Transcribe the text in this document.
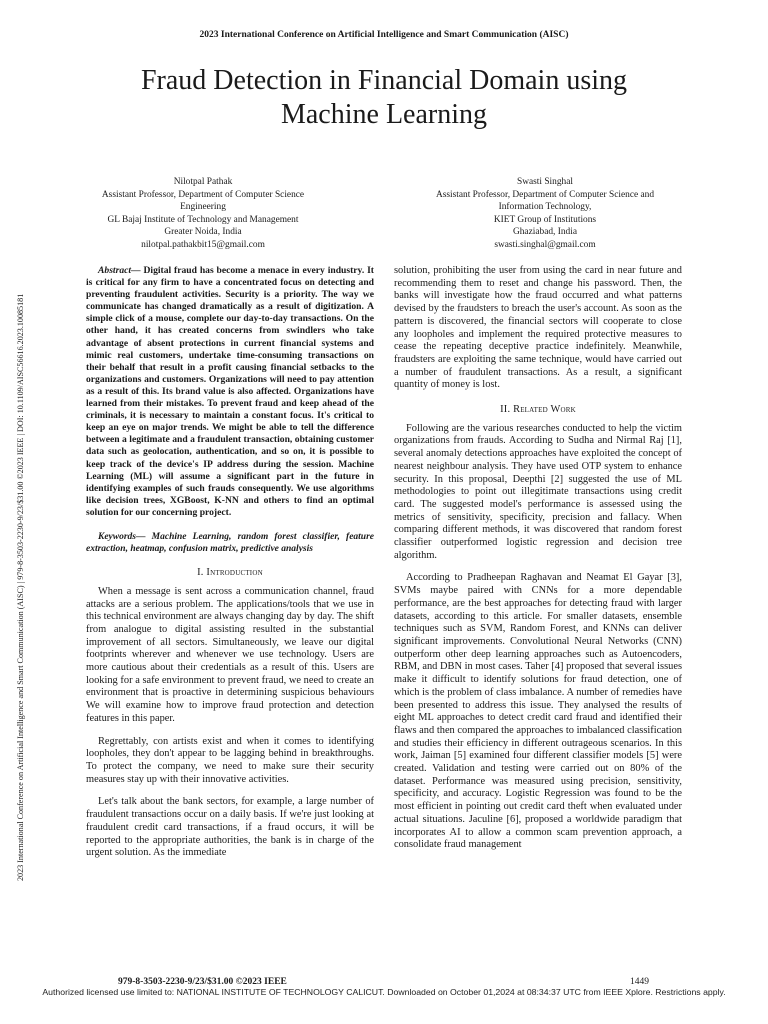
2023 International Conference on Artificial Intelligence and Smart Communication (AISC)
Fraud Detection in Financial Domain using
Machine Learning
Nilotpal Pathak
Assistant Professor, Department of Computer Science
Engineering
GL Bajaj Institute of Technology and Management
Greater Noida, India
nilotpal.pathakbit15@gmail.com
Swasti Singhal
Assistant Professor, Department of Computer Science and
Information Technology,
KIET Group of Institutions
Ghaziabad, India
swasti.singhal@gmail.com
2023 International Conference on Artificial Intelligence and Smart Communication (AISC) | 979-8-3503-2230-9/23/$31.00 ©2023 IEEE | DOI: 10.1109/AISC56616.2023.10085181

Abstract— Digital fraud has become a menace in every industry. It is critical for any firm to have a concentrated focus on detecting and preventing fraudulent activities. Security is a priority. The way we communicate has changed dramatically as a result of digitization. A simple click of a mouse, complete our day-to-day transactions. On the other hand, it has created concerns from swindlers who take advantage of absent protections in current financial systems and mimic real customers, undertake time-consuming transactions on their behalf that result in a profit causing financial setbacks to the organizations and customers. Organizations will need to pay attention as a result of this. Its brand value is also affected. Organizations have learned from their mistakes. To prevent fraud and keep ahead of the criminals, it is necessary to maintain a constant focus. It's critical to keep an eye on major trends. We might be able to tell the difference between a legitimate and a fraudulent transaction, obtaining customer data such as geolocation, authentication, and so on, it is possible to keep track of the device's IP address during the session. Machine Learning (ML) will assume a significant part in the future in identifying examples of such frauds consequently. We use algorithms like decision trees, XGBoost, K-NN and others to find an optimal solution for our concerning project.

Keywords— Machine Learning, random forest classifier, feature extraction, heatmap, confusion matrix, predictive analysis

I. Introduction

When a message is sent across a communication channel, fraud attacks are a serious problem. The applications/tools that we use in this technical environment are always changing day by day. The shift from analogue to digital assisting resulted in the substantial improvement of all sectors. Simultaneously, we leave our digital footprints wherever and whenever we use technology. Users are more cautious about their credentials as a result of this. Users are looking for a safe environment to prevent fraud, we need to create an environment that is proactive in determining suspicious behaviours We will examine how to improve fraud protection and detection features in this paper.

Regrettably, con artists exist and when it comes to identifying loopholes, they don't appear to be lagging behind in breakthroughs. To protect the company, we need to make sure their security measures stay up with their innovative activities.

Let's talk about the bank sectors, for example, a large number of fraudulent transactions occur on a daily basis. If we're just looking at fraudulent credit card transactions, if a fraud occurs, it will be reported to the appropriate authorities, the bank is in charge of the urgent solution. As the immediate

solution, prohibiting the user from using the card in near future and recommending them to reset and change his password. Then, the banks will investigate how the fraud occurred and what patterns devised by the fraudsters to breach the user's account. As soon as the pattern is discovered, the financial sectors will cooperate to close any loopholes and implement the required protective measures to cease the repeating deceptive practice indefinitely. Meanwhile, fraudsters are exploiting the same technique, would have carried out a number of fraudulent transactions. As a result, a significant quantity of money is lost.

II. Related Work

Following are the various researches conducted to help the victim organizations from frauds. According to Sudha and Nirmal Raj [1], several anomaly detections approaches have exploited the concept of nearest neighbour analysis. They have used OTP system to enhance security. In this proposal, Deepthi [2] suggested the use of ML methodologies to point out illegitimate transactions using credit card. The suggested model's performance is assessed using the metrics of sensitivity, specificity, precision and fallacy. When comparing different methods, it was discovered that random forest classifier outperformed logistic regression and decision tree algorithm.

According to Pradheepan Raghavan and Neamat El Gayar [3], SVMs maybe paired with CNNs for a more dependable performance, are the best approaches for detecting fraud with larger datasets, according to this article. For smaller datasets, ensemble techniques such as SVM, Random Forest, and KNNs can deliver significant improvements. Convolutional Neural Networks (CNN) outperform other deep learning approaches such as Autoencoders, RBM, and DBN in most cases. Taher [4] proposed that several issues make it difficult to identify solutions for fraud detection, one of which is the problem of class imbalance. A number of remedies have been presented to address this issue. They analysed the results of eight ML approaches to detect credit card fraud and identified their flaws and then compared the approaches to imbalanced classification and studies their efficiency in different outrageous scenarios. In this work, Jaiman [5] examined four different classifier models [5] were created. Validation and testing were carried out on 80% of the dataset. Performance was measured using precision, sensitivity, specificity, and accuracy. Logistic Regression was found to be the most efficient in pointing out credit card theft when evaluated under actual situations. Jaculine [6], proposed a worldwide paradigm that incorporates AI to allow a common scam prevention approach, a consolidate fraud management

979-8-3503-2230-9/23/$31.00 ©2023 IEEE	1449
Authorized licensed use limited to: NATIONAL INSTITUTE OF TECHNOLOGY CALICUT. Downloaded on October 01,2024 at 08:34:37 UTC from IEEE Xplore. Restrictions apply.
